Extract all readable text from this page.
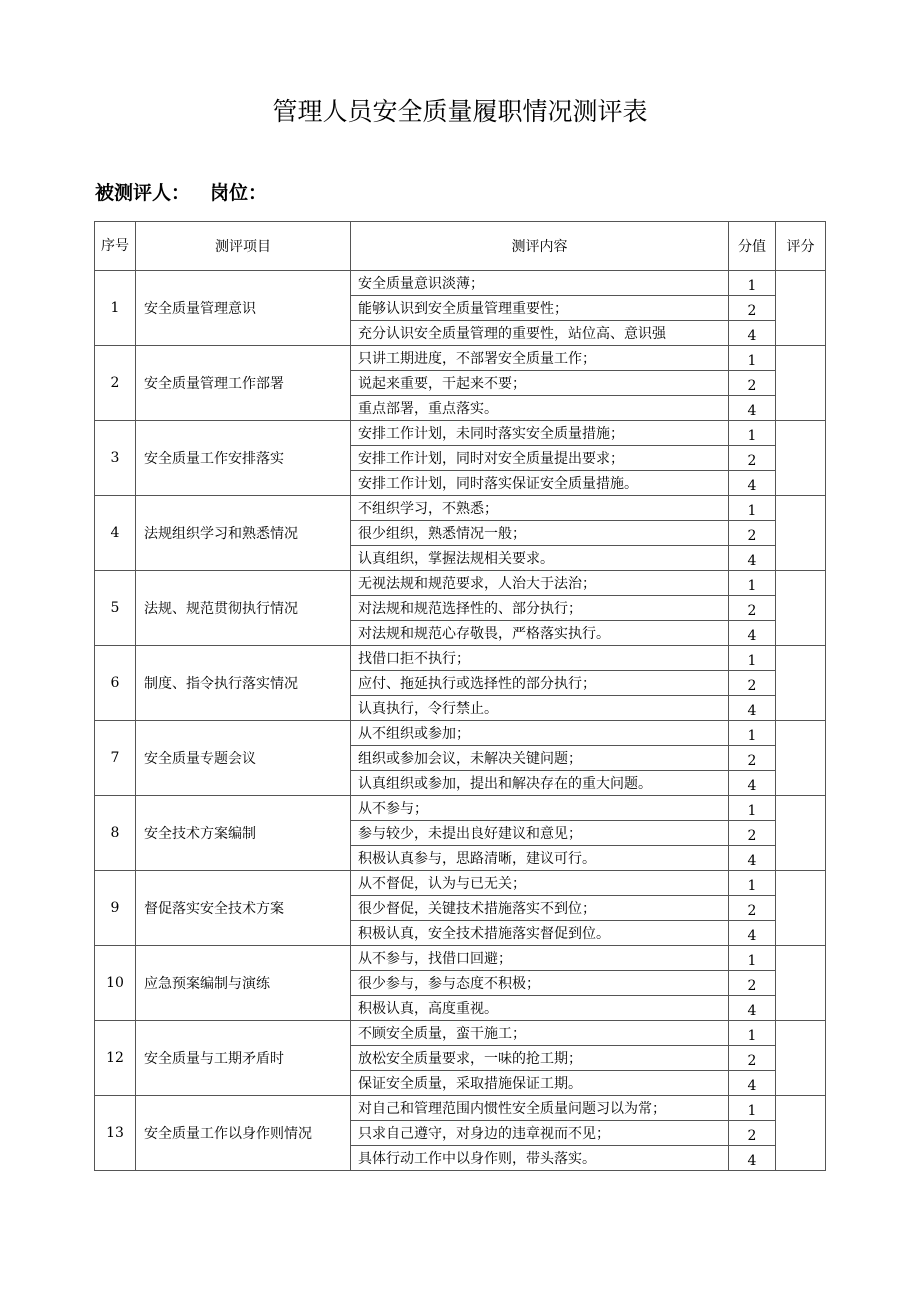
管理人员安全质量履职情况测评表
被测评人： 岗位：
序号	测评项目	测评内容	分值	评分
1	安全质量管理意识	安全质量意识淡薄；	1	
		能够认识到安全质量管理重要性；	2	
		充分认识安全质量管理的重要性，站位高、意识强	4	
2	安全质量管理工作部署	只讲工期进度，不部署安全质量工作；	1	
		说起来重要，干起来不要；	2	
		重点部署，重点落实。	4	
3	安全质量工作安排落实	安排工作计划，未同时落实安全质量措施；	1	
		安排工作计划，同时对安全质量提出要求；	2	
		安排工作计划，同时落实保证安全质量措施。	4	
4	法规组织学习和熟悉情况	不组织学习，不熟悉；	1	
		很少组织，熟悉情况一般；	2	
		认真组织，掌握法规相关要求。	4	
5	法规、规范贯彻执行情况	无视法规和规范要求，人治大于法治；	1	
		对法规和规范选择性的、部分执行；	2	
		对法规和规范心存敬畏，严格落实执行。	4	
6	制度、指令执行落实情况	找借口拒不执行；	1	
		应付、拖延执行或选择性的部分执行；	2	
		认真执行，令行禁止。	4	
7	安全质量专题会议	从不组织或参加；	1	
		组织或参加会议，未解决关键问题；	2	
		认真组织或参加，提出和解决存在的重大问题。	4	
8	安全技术方案编制	从不参与；	1	
		参与较少，未提出良好建议和意见；	2	
		积极认真参与，思路清晰，建议可行。	4	
9	督促落实安全技术方案	从不督促，认为与已无关；	1	
		很少督促，关键技术措施落实不到位；	2	
		积极认真，安全技术措施落实督促到位。	4	
10	应急预案编制与演练	从不参与，找借口回避；	1	
		很少参与，参与态度不积极；	2	
		积极认真，高度重视。	4	
12	安全质量与工期矛盾时	不顾安全质量，蛮干施工；	1	
		放松安全质量要求，一味的抢工期；	2	
		保证安全质量，采取措施保证工期。	4	
13	安全质量工作以身作则情况	对自己和管理范围内惯性安全质量问题习以为常；	1	
		只求自己遵守，对身边的违章视而不见；	2	
		具体行动工作中以身作则，带头落实。	4	
